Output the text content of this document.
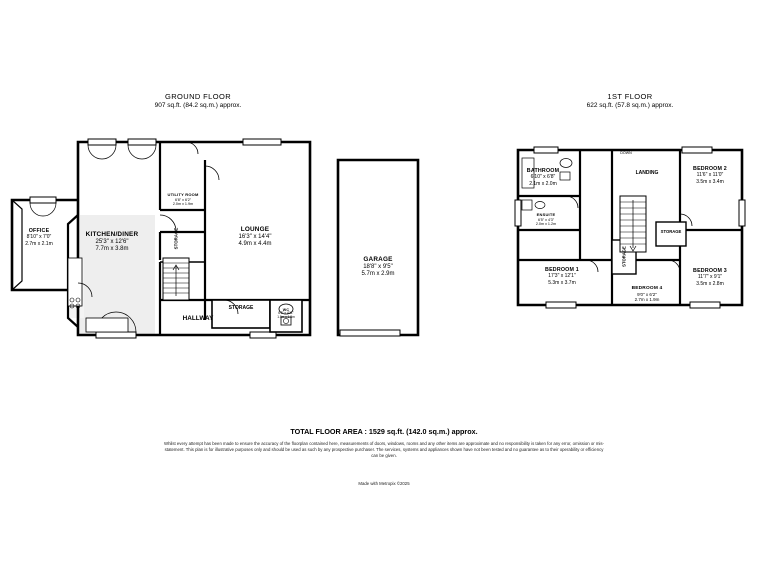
GROUND FLOOR
907 sq.ft. (84.2 sq.m.) approx.
1ST FLOOR
622 sq.ft. (57.8 sq.m.) approx.
OFFICE
8'10" x 7'0"
2.7m x 2.1m
KITCHEN/DINER
25'3" x 12'6"
7.7m x 3.8m
UTILITY ROOM
6'8" x 6'2"
2.0m x 1.9m
LOUNGE
16'3" x 14'4"
4.9m x 4.4m
GARAGE
18'8" x 9'5"
5.7m x 2.9m
STORAGE
STORAGE
HALLWAY
WC
6'2" x 4'11"
1.9m x 1.5m
BATHROOM
6'10" x 6'8"
2.1m x 2.0m
ENSUITE
6'5" x 4'3"
2.0m x 1.2m
BEDROOM 1
17'3" x 12'1"
5.3m x 3.7m
BEDROOM 2
11'6" x 11'0"
3.5m x 3.4m
BEDROOM 3
11'7" x 9'1"
3.5m x 2.8m
BEDROOM 4
9'0" x 6'2"
2.7m x 1.9m
LANDING
STORAGE
STORAGE
DOWN
TOTAL FLOOR AREA : 1529 sq.ft. (142.0 sq.m.) approx.
Whilst every attempt has been made to ensure the accuracy of the floorplan contained here, measurements of doors, windows, rooms and any other items are approximate and no responsibility is taken for any error, omission or mis-statement. This plan is for illustrative purposes only and should be used as such by any prospective purchaser. The services, systems and appliances shown have not been tested and no guarantee as to their operability or efficiency can be given.
Made with Metropix ©2025
